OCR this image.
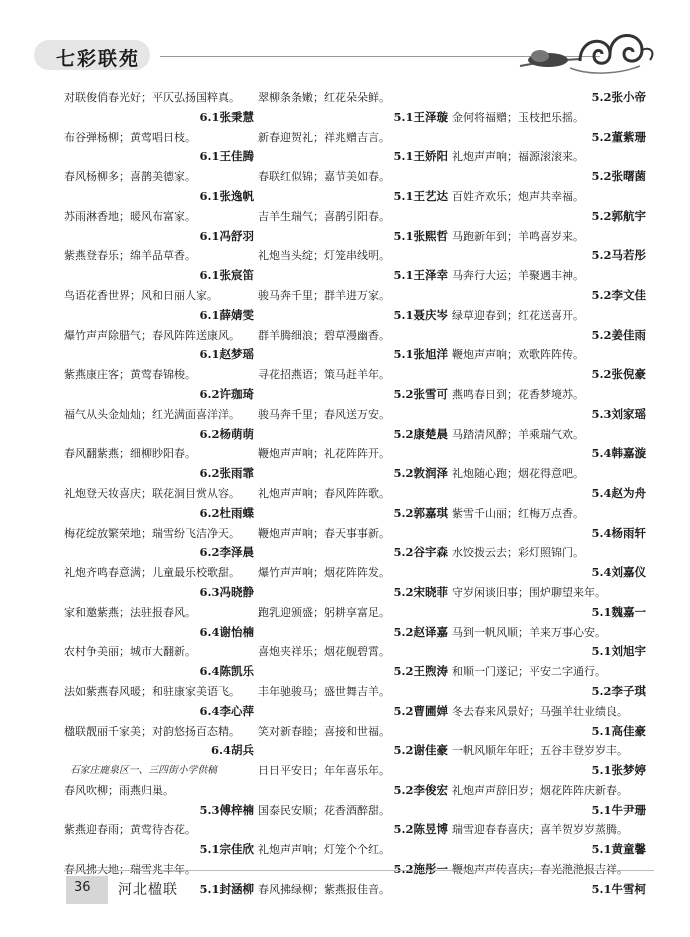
七彩联苑
对联俊俏春光好；平仄弘扬国粹真。
6.1张秉慧
布谷弹杨柳；黄莺唱日枝。
6.1王佳腾
春风杨柳多；喜鹊美德家。
6.1张逸帆
苏雨淋香地；暖风布富家。
6.1冯舒羽
紫燕登春乐；绵羊品草香。
6.1张宸笛
鸟语花香世界；风和日丽人家。
6.1薛婧雯
爆竹声声除腊气；春风阵阵送康风。
6.1赵梦瑶
紫燕康庄客；黄莺春锦梭。
6.2许珈琦
福气从头金灿灿；红光满面喜洋洋。
6.2杨萌萌
春风翻紫燕；细柳眇阳春。
6.2张雨霏
礼炮登天妆喜庆；联花洞目赏从容。
6.2杜雨蝶
梅花绽放繁荣地；瑞雪纷飞洁净天。
6.2李泽晨
礼炮齐鸣春意满；儿童最乐校歌甜。
6.3冯晓静
家和邀紫燕；法驻报春风。
6.4谢怡楠
农村争美丽；城市大翻新。
6.4陈凯乐
法如紫燕春风暖；和驻康家美语飞。
6.4李心萍
楹联靓丽千家美；对韵悠扬百态精。
6.4胡兵
石家庄鹿泉区一、三四街小学供稿
春风吹柳；雨燕归巢。
5.3傅梓楠
紫燕迎春雨；黄莺待杏花。
5.1宗佳欣
春风拂大地；瑞雪兆丰年。
5.1封涵柳
翠柳条条嫩；红花朵朵鲜。
5.1王泽璇
新春迎贺礼；祥兆赠吉言。
5.1王娇阳
春联红似锦；嘉节美如春。
5.1王艺达
吉羊生瑞气；喜鹊引阳春。
5.1张熙哲
礼炮当头绽；灯笼串线明。
5.1王泽幸
骏马奔千里；群羊进万家。
5.1聂庆岑
群羊腾细浪；碧草漫幽香。
5.1张旭洋
寻花招燕语；策马赶羊年。
5.2张雪可
骏马奔千里；春风送万安。
5.2康楚晨
鞭炮声声响；礼花阵阵开。
5.2敦润泽
礼炮声声响；春风阵阵歌。
5.2郭嘉琪
鞭炮声声响；春天事事新。
5.2谷宇森
爆竹声声响；烟花阵阵发。
5.2宋晓菲
跑乳迎颁盛；躬耕享富足。
5.2赵译嘉
喜炮夹祥乐；烟花舰碧霄。
5.2王煦涛
丰年驰骏马；盛世舞吉羊。
5.2曹圃婵
笑对新春睦；喜接和世福。
5.2谢佳豪
日日平安日；年年喜乐年。
5.2李俊宏
国泰民安顺；花香酒醉甜。
5.2陈昱博
礼炮声声响；灯笼个个红。
5.2施彤一
春风拂绿柳；紫燕报佳音。
5.2张小帝
金何将福赠；玉枝把乐摇。
5.2董紫珊
礼炮声声响；福源滚滚来。
5.2张曙菌
百姓齐欢乐；炮声共幸福。
5.2郭航宇
马跑新年到；羊鸣喜岁来。
5.2马若彤
马奔行大运；羊聚遇丰神。
5.2李文佳
绿草迎春到；红花送喜开。
5.2姜佳雨
鞭炮声声响；欢歌阵阵传。
5.2张倪豪
燕鸣春日到；花香梦境苏。
5.3刘家瑶
马踏清风醉；羊乘瑞气欢。
5.4韩嘉漩
礼炮随心跑；烟花得意吧。
5.4赵为舟
紫雪千山丽；红梅万点香。
5.4杨雨轩
水饺拨云去；彩灯照锦门。
5.4刘嘉仪
守岁闲谈旧事；围炉聊望来年。
5.1魏嘉一
马到一帆风顺；羊来万事心安。
5.1刘旭宇
和顺一门遂记；平安二字通行。
5.2李子琪
冬去春来风景好；马强羊壮业绩良。
5.1高佳豪
一帆风顺年年旺；五谷丰登岁岁丰。
5.1张梦婷
礼炮声声辞旧岁；烟花阵阵庆新春。
5.1牛尹珊
瑞雪迎春春喜庆；喜羊贺岁岁蒸腾。
5.1黄童馨
鞭炮声声传喜庆；春光滟滟报吉祥。
5.1牛雪柯
36 河北楹联
